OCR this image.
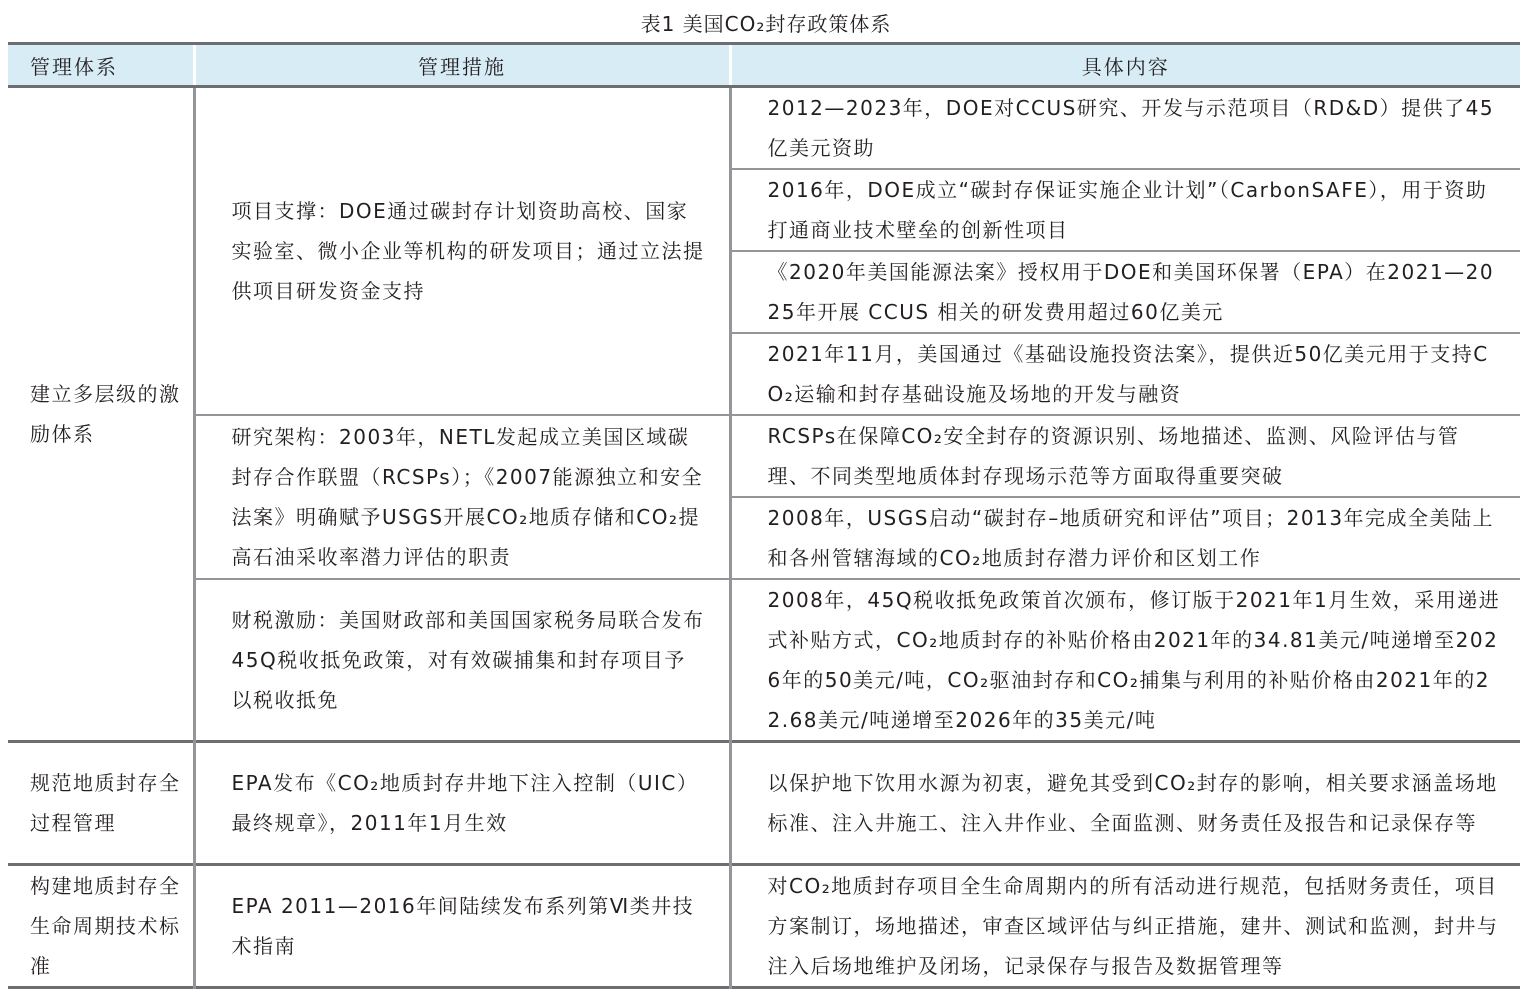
表1 美国CO₂封存政策体系
管理体系	管理措施	具体内容
建立多层级的激励体系	项目支撑：DOE通过碳封存计划资助高校、国家实验室、微小企业等机构的研发项目；通过立法提供项目研发资金支持	2012—2023年，DOE对CCUS研究、开发与示范项目（RD&D）提供了45亿美元资助
		2016年，DOE成立“碳封存保证实施企业计划”（CarbonSAFE），用于资助打通商业技术壁垒的创新性项目
		《2020年美国能源法案》授权用于DOE和美国环保署（EPA）在2021—2025年开展 CCUS 相关的研发费用超过60亿美元
		2021年11月，美国通过《基础设施投资法案》，提供近50亿美元用于支持CO₂运输和封存基础设施及场地的开发与融资
	研究架构：2003年，NETL发起成立美国区域碳封存合作联盟（RCSPs）；《2007能源独立和安全法案》明确赋予USGS开展CO₂地质存储和CO₂提高石油采收率潜力评估的职责	RCSPs在保障CO₂安全封存的资源识别、场地描述、监测、风险评估与管理、不同类型地质体封存现场示范等方面取得重要突破
		2008年，USGS启动“碳封存–地质研究和评估”项目；2013年完成全美陆上和各州管辖海域的CO₂地质封存潜力评价和区划工作
	财税激励：美国财政部和美国国家税务局联合发布45Q税收抵免政策，对有效碳捕集和封存项目予以税收抵免	2008年，45Q税收抵免政策首次颁布，修订版于2021年1月生效，采用递进式补贴方式，CO₂地质封存的补贴价格由2021年的34.81美元/吨递增至2026年的50美元/吨，CO₂驱油封存和CO₂捕集与利用的补贴价格由2021年的22.68美元/吨递增至2026年的35美元/吨
规范地质封存全过程管理	EPA发布《CO₂地质封存井地下注入控制（UIC）最终规章》，2011年1月生效	以保护地下饮用水源为初衷，避免其受到CO₂封存的影响，相关要求涵盖场地标准、注入井施工、注入井作业、全面监测、财务责任及报告和记录保存等
构建地质封存全生命周期技术标准	EPA 2011—2016年间陆续发布系列第Ⅵ类井技术指南	对CO₂地质封存项目全生命周期内的所有活动进行规范，包括财务责任，项目方案制订，场地描述，审查区域评估与纠正措施，建井、测试和监测，封井与注入后场地维护及闭场，记录保存与报告及数据管理等
